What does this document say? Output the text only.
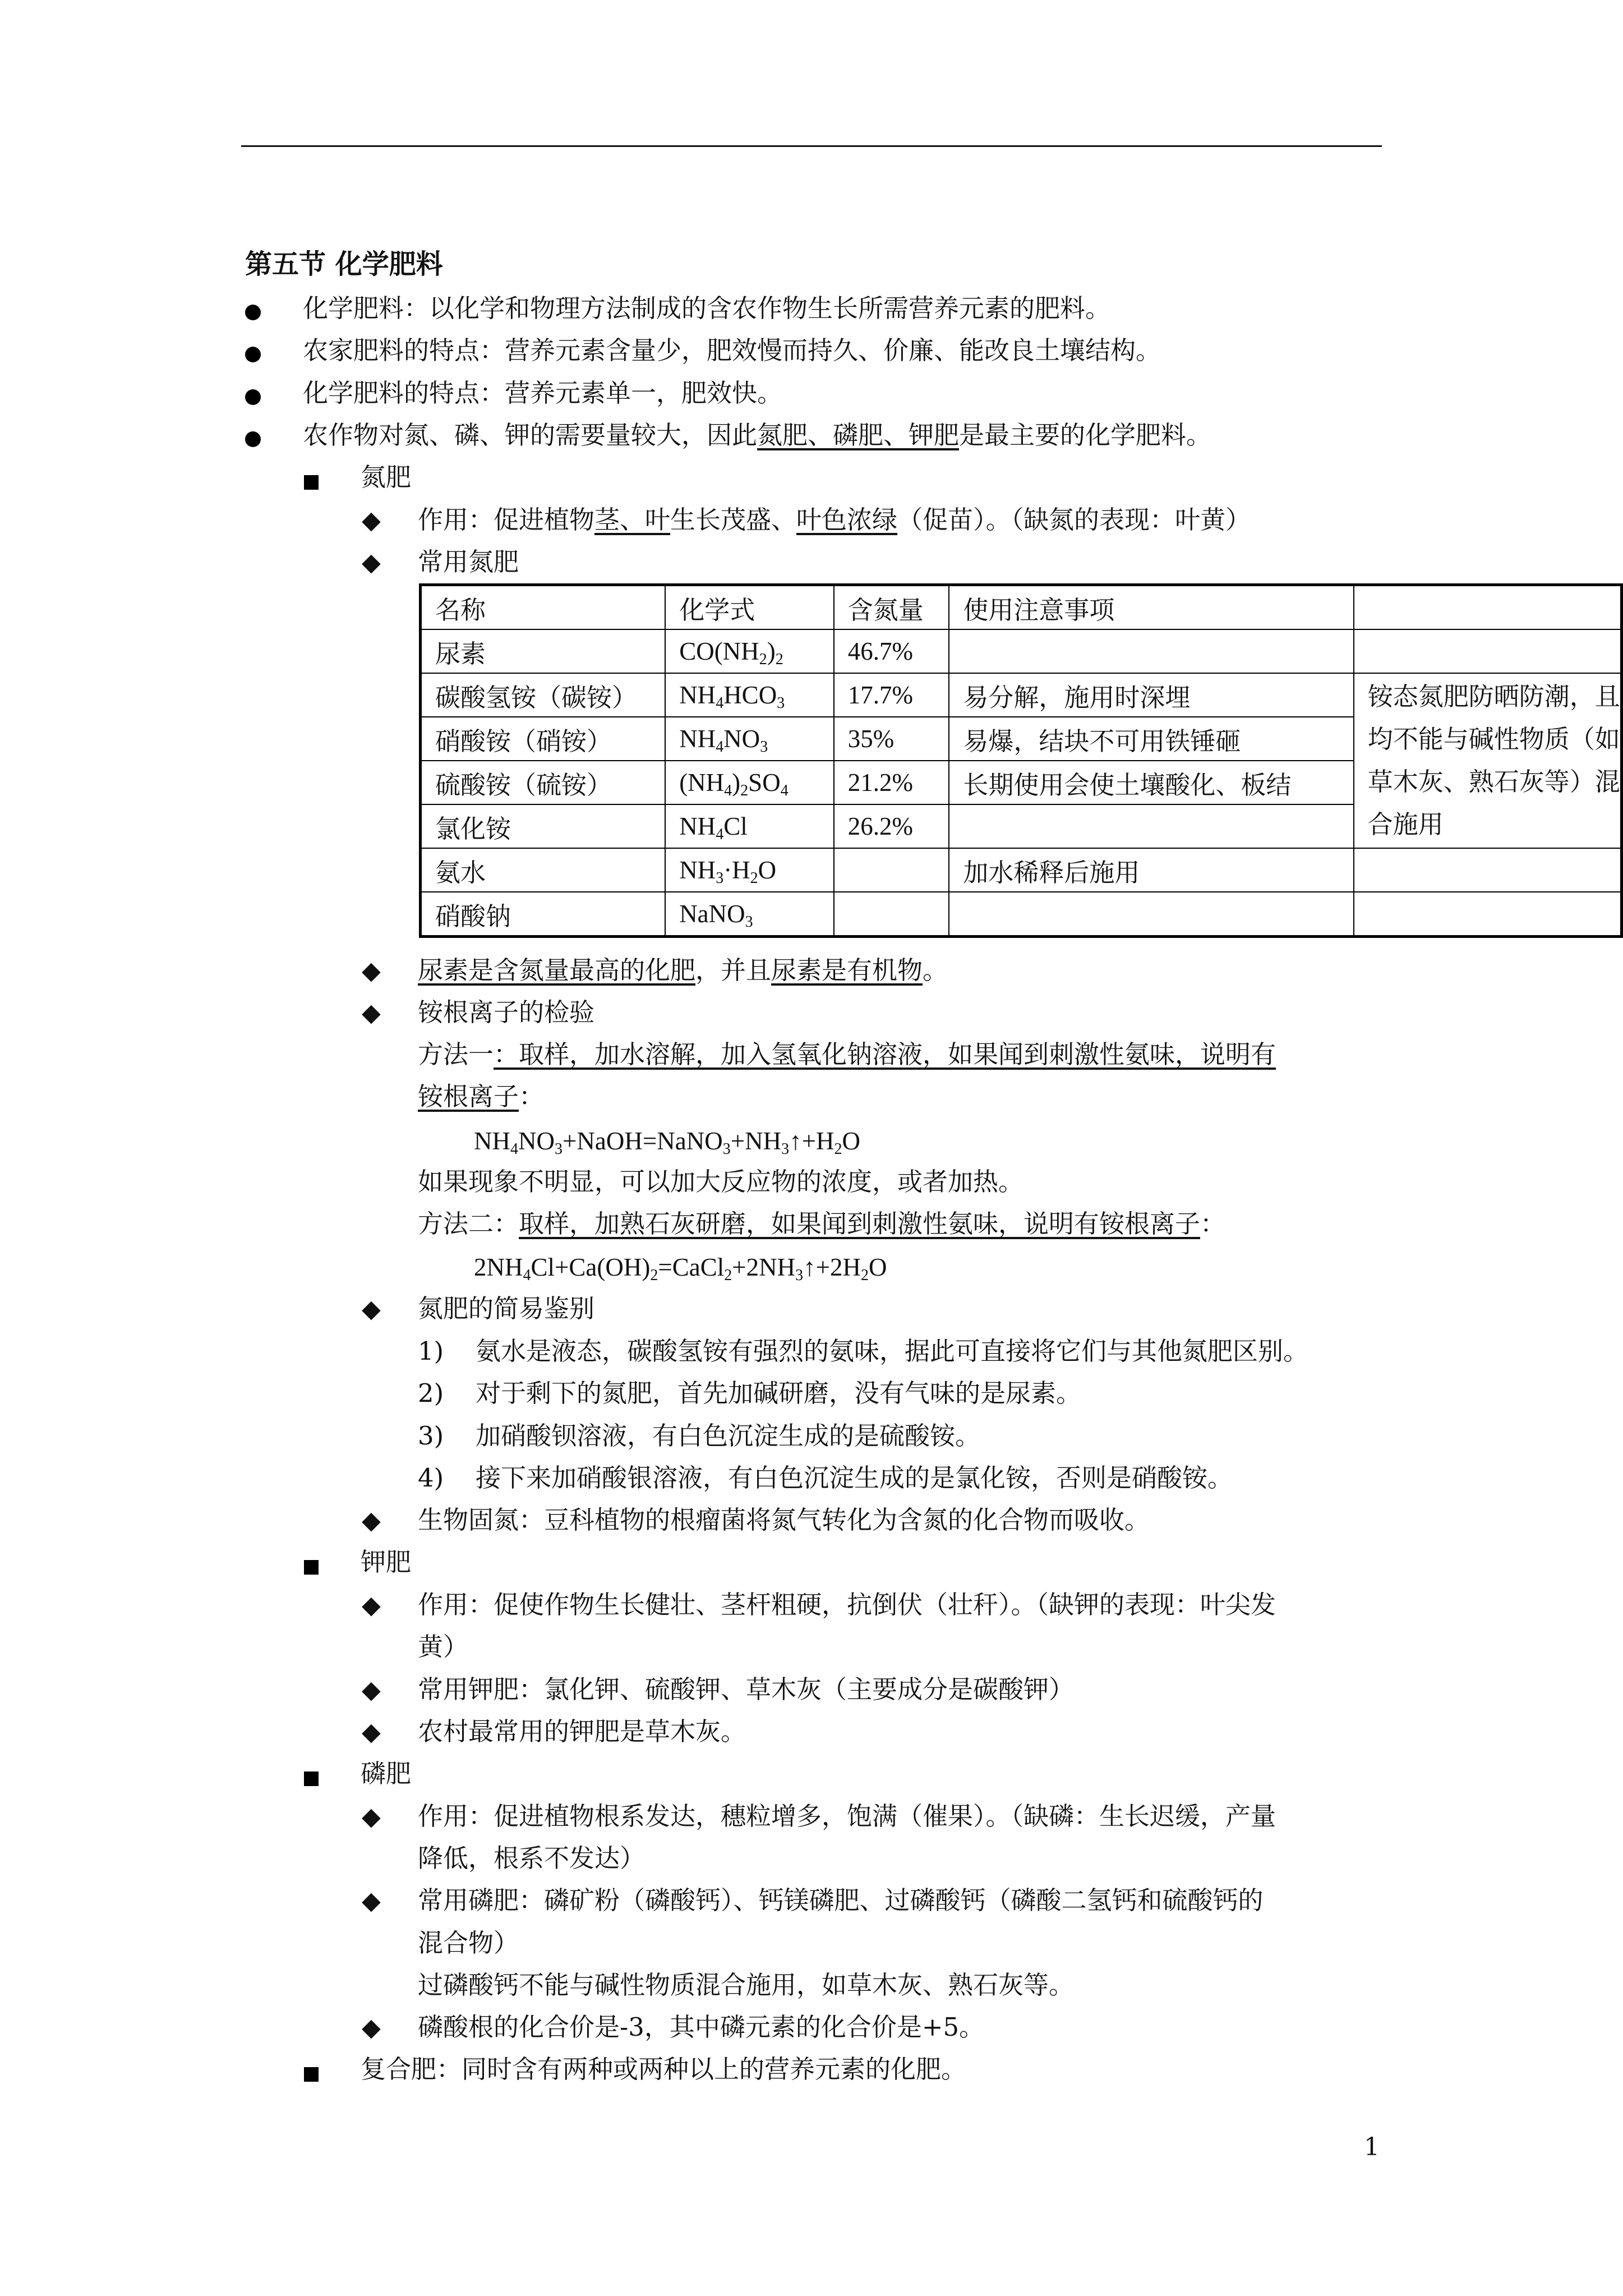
第五节 化学肥料
化学肥料：以化学和物理方法制成的含农作物生长所需营养元素的肥料。
农家肥料的特点：营养元素含量少，肥效慢而持久、价廉、能改良土壤结构。
化学肥料的特点：营养元素单一，肥效快。
农作物对氮、磷、钾的需要量较大，因此氮肥、磷肥、钾肥是最主要的化学肥料。
氮肥
◆ 作用：促进植物茎、叶生长茂盛、叶色浓绿（促苗）。（缺氮的表现：叶黄）
◆ 常用氮肥
名称	化学式	含氮量	使用注意事项	
尿素	$CO(NH_2)_2$	46.7%		
碳酸氢铵（碳铵）	$NH_4HCO_3$	17.7%	易分解，施用时深埋	铵态氮肥防晒防潮，且均不能与碱性物质（如草木灰、熟石灰等）混合施用
硝酸铵（硝铵）	$NH_4NO_3$	35%	易爆，结块不可用铁锤砸	
硫酸铵（硫铵）	$(NH_4)_2SO_4$	21.2%	长期使用会使土壤酸化、板结	
氯化铵	$NH_4Cl$	26.2%		
氨水	$NH_3\cdot H_2O$		加水稀释后施用	
硝酸钠	NaNO$_3$			
◆ 尿素是含氮量最高的化肥，并且尿素是有机物。
◆ 铵根离子的检验
方法一：取样，加水溶解，加入氢氧化钠溶液，如果闻到刺激性氨味，说明有
铵根离子：
$NH_4NO_3+NaOH=NaNO_3+NH_3↑+H_2O$
如果现象不明显，可以加大反应物的浓度，或者加热。
方法二：取样，加熟石灰研磨，如果闻到刺激性氨味，说明有铵根离子：
$2NH_4Cl+Ca(OH)_2=CaCl_2+2NH_3↑+2H_2O$
◆ 氮肥的简易鉴别
1) 氨水是液态，碳酸氢铵有强烈的氨味，据此可直接将它们与其他氮肥区别。
2) 对于剩下的氮肥，首先加碱研磨，没有气味的是尿素。
3) 加硝酸钡溶液，有白色沉淀生成的是硫酸铵。
4) 接下来加硝酸银溶液，有白色沉淀生成的是氯化铵，否则是硝酸铵。
◆ 生物固氮：豆科植物的根瘤菌将氮气转化为含氮的化合物而吸收。
钾肥
◆ 作用：促使作物生长健壮、茎杆粗硬，抗倒伏（壮秆）。（缺钾的表现：叶尖发
黄）
◆ 常用钾肥：氯化钾、硫酸钾、草木灰（主要成分是碳酸钾）
◆ 农村最常用的钾肥是草木灰。
磷肥
◆ 作用：促进植物根系发达，穗粒增多，饱满（催果）。（缺磷：生长迟缓，产量
降低，根系不发达）
◆ 常用磷肥：磷矿粉（磷酸钙）、钙镁磷肥、过磷酸钙（磷酸二氢钙和硫酸钙的
混合物）
过磷酸钙不能与碱性物质混合施用，如草木灰、熟石灰等。
◆ 磷酸根的化合价是-3，其中磷元素的化合价是+5。
复合肥：同时含有两种或两种以上的营养元素的化肥。
1
